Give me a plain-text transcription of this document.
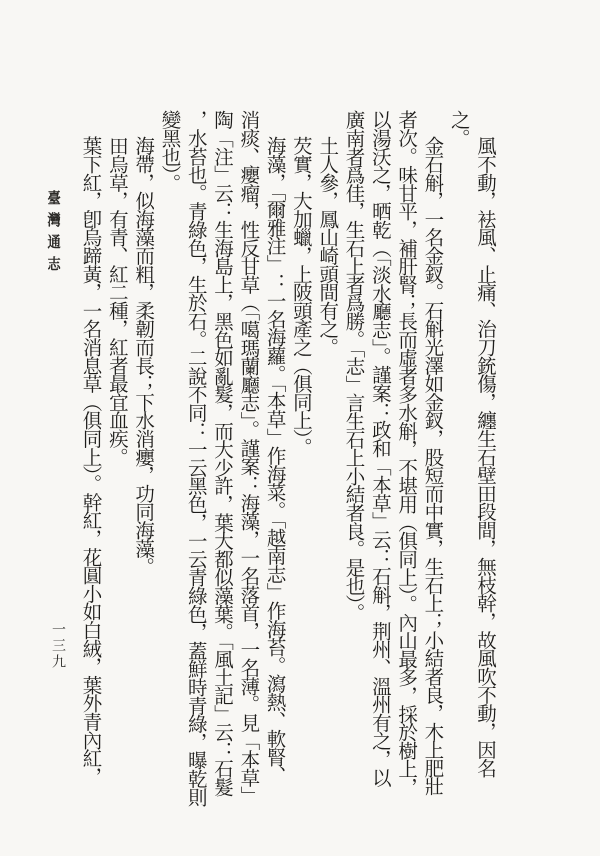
臺灣通志	風不動，袪風、止痛、治刀銃傷，纏生石壁田段間，無枝幹，故風吹不動，因名
之。
金石斛，一名金釵。石斛光澤如金釵，股短而中實，生石上；小結者良，木上肥壯
者次。味甘平，補肝腎；長而虛者多水斛，不堪用（俱同上）。內山最多，採於樹上，
以湯沃之，晒乾（「淡水廳志」。謹案：政和「本草」云：石斛，荆州、溫州有之，以
廣南者爲佳，生石上者爲勝。「志」言生石上小結者良。是也）。
土人參，鳳山崎頭間有之。
芡實，大加蠟，上陂頭產之（俱同上）。
海藻，「爾雅注」：一名海蘿。「本草」作海菜。「越南志」作海苔。瀉熱、軟腎、
消痰、癭瘤，性反甘草（「噶瑪蘭廳志」。謹案：海藻，一名落首，一名薄。見「本草」
陶「注」云：生海島上，黑色如亂髮，而大少許，葉大都似藻葉。「風土記」云：石髮
，水苔也。青綠色，生於石。二說不同：一云黑色，一云青綠色，蓋鮮時青綠，曝乾則
變黑也）。
海帶，似海藻而粗，柔韌而長；下水消癭，功同海藻。
田烏草，有青、紅二種，紅者最宜血疾。
葉下紅，卽烏蹄黃，一名消息草（俱同上）。幹紅，花圓小如白絨，葉外青內紅，
一三九
